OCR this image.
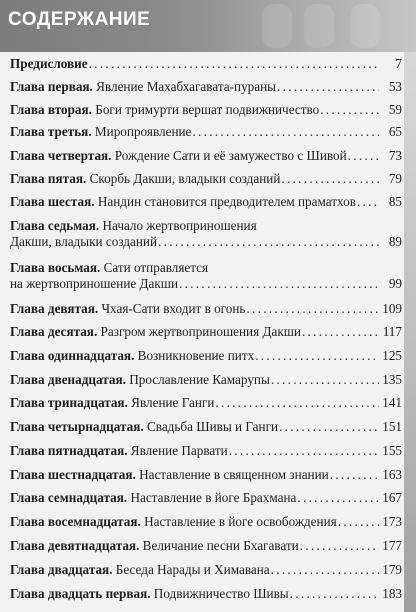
СОДЕРЖАНИЕ
Предисловие . . .	7
Глава первая. Явление Махабхагавата-пураны . . .	53
Глава вторая. Боги тримурти вершат подвижничество . . .	59
Глава третья. Миропроявление . . .	65
Глава четвертая. Рождение Сати и её замужество с Шивой . . .	73
Глава пятая. Скорбь Дакши, владыки созданий . . .	79
Глава шестая. Нандин становится предводителем праматхов . . .	85
Глава седьмая. Начало жертвоприношения
Дакши, владыки созданий . . .	89
Глава восьмая. Сати отправляется
на жертвоприношение Дакши . . .	99
Глава девятая. Чхая-Сати входит в огонь . . .	109
Глава десятая. Разгром жертвоприношения Дакши . . .	117
Глава одиннадцатая. Возникновение питх . . .	125
Глава двенадцатая. Прославление Камарупы . . .	135
Глава тринадцатая. Явление Ганги . . .	141
Глава четырнадцатая. Свадьба Шивы и Ганги . . .	151
Глава пятнадцатая. Явление Парвати . . .	155
Глава шестнадцатая. Наставление в священном знании . . .	163
Глава семнадцатая. Наставление в йоге Брахмана . . .	167
Глава восемнадцатая. Наставление в йоге освобождения . . .	173
Глава девятнадцатая. Величание песни Бхагавати . . .	177
Глава двадцатая. Беседа Нарады и Химавана . . .	179
Глава двадцать первая. Подвижничество Шивы . . .	183
